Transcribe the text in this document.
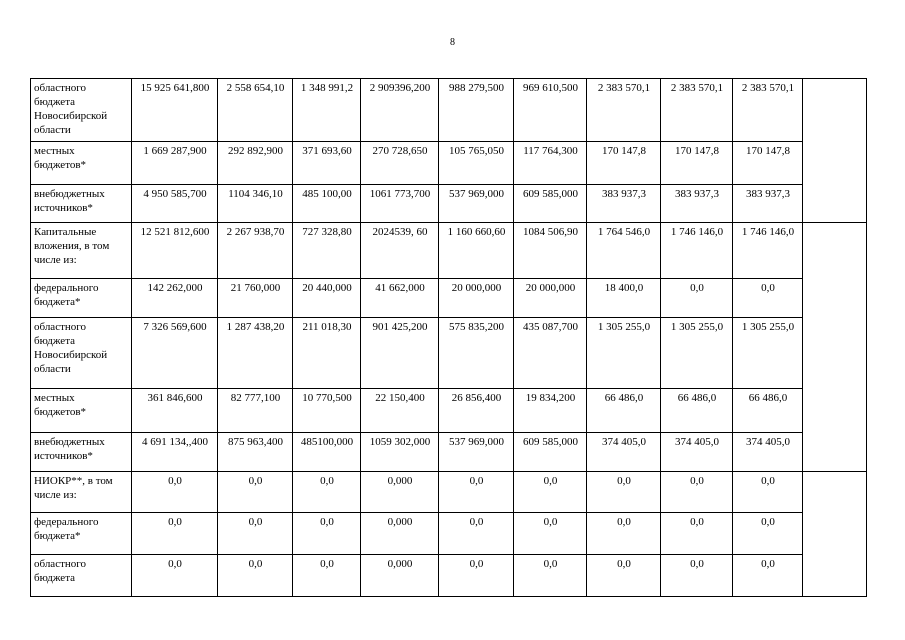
8
областного бюджета Новосибирской области	15 925 641,800	2 558 654,10	1 348 991,2	2 909396,200	988 279,500	969 610,500	2 383 570,1	2 383 570,1	2 383 570,1	
местных бюджетов*	1 669 287,900	292 892,900	371 693,60	270 728,650	105 765,050	117 764,300	170 147,8	170 147,8	170 147,8	
внебюджетных источников*	4 950 585,700	1104 346,10	485 100,00	1061 773,700	537 969,000	609 585,000	383 937,3	383 937,3	383 937,3	
Капитальные вложения, в том числе из:	12 521 812,600	2 267 938,70	727 328,80	2024539, 60	1 160 660,60	1084 506,90	1 764 546,0	1 746 146,0	1 746 146,0	
федерального бюджета*	142 262,000	21 760,000	20 440,000	41 662,000	20 000,000	20 000,000	18 400,0	0,0	0,0	
областного бюджета Новосибирской области	7 326 569,600	1 287 438,20	211 018,30	901 425,200	575 835,200	435 087,700	1 305 255,0	1 305 255,0	1 305 255,0	
местных бюджетов*	361 846,600	82 777,100	10 770,500	22 150,400	26 856,400	19 834,200	66 486,0	66 486,0	66 486,0	
внебюджетных источников*	4 691 134,,400	875 963,400	485100,000	1059 302,000	537 969,000	609 585,000	374 405,0	374 405,0	374 405,0	
НИОКР**, в том числе из:	0,0	0,0	0,0	0,000	0,0	0,0	0,0	0,0	0,0	
федерального бюджета*	0,0	0,0	0,0	0,000	0,0	0,0	0,0	0,0	0,0	
областного бюджета	0,0	0,0	0,0	0,000	0,0	0,0	0,0	0,0	0,0	
